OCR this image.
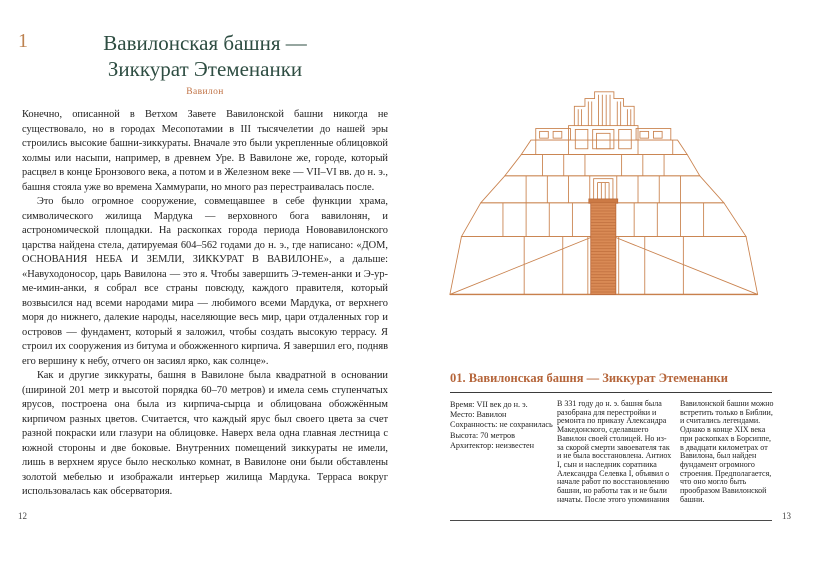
1	Вавилонская башня —
Зиккурат Этеменанки
Вавилон

Конечно, описанной в Ветхом Завете Вавилонской башни никогда не существовало, но в городах Месопотамии в III тысячелетии до нашей эры строились высокие башни-зиккураты. Вначале это были укрепленные облицовкой холмы или насыпи, например, в древнем Уре. В Вавилоне же, городе, который расцвел в конце Бронзового века, а потом и в Железном веке — VII–VI вв. до н. э., башня стояла уже во времена Хаммурапи, но много раз перестраивалась после.

Это было огромное сооружение, совмещавшее в себе функции храма, символического жилища Мардука — верховного бога вавилонян, и астрономической площадки. На раскопках города периода Нововавилонского царства найдена стела, датируемая 604–562 годами до н. э., где написано: «ДОМ, ОСНОВАНИЯ НЕБА И ЗЕМЛИ, ЗИККУРАТ В ВАВИЛОНЕ», а дальше: «Навуходоносор, царь Вавилона — это я. Чтобы завершить Э-темен-анки и Э-ур-ме-имин-анки, я собрал все страны повсюду, каждого правителя, который возвысился над всеми народами мира — любимого всеми Мардука, от верхнего моря до нижнего, далекие народы, населяющие весь мир, цари отдаленных гор и островов — фундамент, который я заложил, чтобы создать высокую террасу. Я строил их сооружения из битума и обожженного кирпича. Я завершил его, подняв его вершину к небу, отчего он засиял ярко, как солнце».

Как и другие зиккураты, башня в Вавилоне была квадратной в основании (шириной 201 метр и высотой порядка 60–70 метров) и имела семь ступенчатых ярусов, построена она была из кирпича-сырца и облицована обожжённым кирпичом разных цветов. Считается, что каждый ярус был своего цвета за счет разной покраски или глазури на облицовке. Наверх вела одна главная лестница с южной стороны и две боковые. Внутренних помещений зиккураты не имели, лишь в верхнем ярусе было несколько комнат, в Вавилоне они были обставлены золотой мебелью и изображали интерьер жилища Мардука. Терраса вокруг использовалась как обсерватория.

12
01. Вавилонская башня — Зиккурат Этеменанки
Время: VII век до н. э.
Место: Вавилон
Сохранность: не сохранилась
Высота: 70 метров
Архитектор: неизвестен
В 331 году до н. э. башня была разобрана для перестройки и ремонта по приказу Александра Македонского, сделавшего Вавилон своей столицей. Но из-за скорой смерти завоевателя так и не была восстановлена. Антиох I, сын и наследник соратника Александра Селевка I, объявил о начале работ по восстановлению башни, но работы так и не были начаты. После этого упоминания
Вавилонской башни можно встретить только в Библии, и считались легендами. Однако в конце XIX века при раскопках в Борсиппе, в двадцати километрах от Вавилона, был найден фундамент огромного строения. Предполагается, что оно могло быть прообразом Вавилонской башни.
13
